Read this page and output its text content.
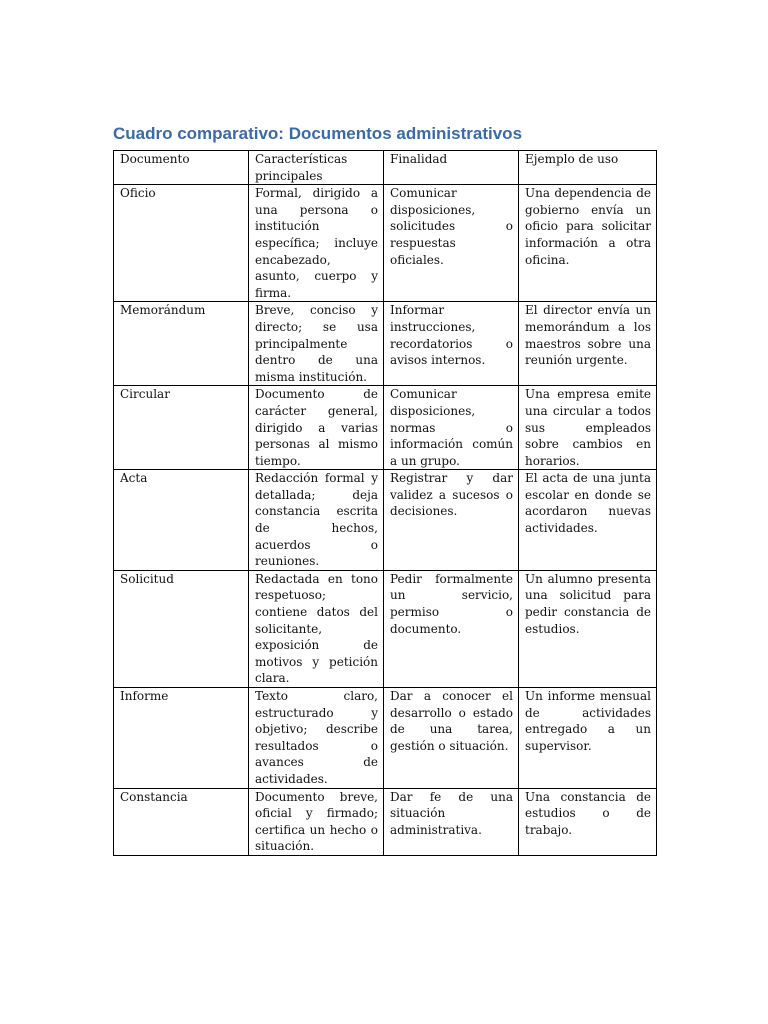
Cuadro comparativo: Documentos administrativos
Documento	Características principales	Finalidad	Ejemplo de uso
Oficio	Formal, dirigido a una persona o institución específica; incluye encabezado, asunto, cuerpo y firma.	Comunicar disposiciones, solicitudes o respuestas oficiales.	Una dependencia de gobierno envía un oficio para solicitar información a otra oficina.
Memorándum	Breve, conciso y directo; se usa principalmente dentro de una misma institución.	Informar instrucciones, recordatorios o avisos internos.	El director envía un memorándum a los maestros sobre una reunión urgente.
Circular	Documento de carácter general, dirigido a varias personas al mismo tiempo.	Comunicar disposiciones, normas o información común a un grupo.	Una empresa emite una circular a todos sus empleados sobre cambios en horarios.
Acta	Redacción formal y detallada; deja constancia escrita de hechos, acuerdos o reuniones.	Registrar y dar validez a sucesos o decisiones.	El acta de una junta escolar en donde se acordaron nuevas actividades.
Solicitud	Redactada en tono respetuoso; contiene datos del solicitante, exposición de motivos y petición clara.	Pedir formalmente un servicio, permiso o documento.	Un alumno presenta una solicitud para pedir constancia de estudios.
Informe	Texto claro, estructurado y objetivo; describe resultados o avances de actividades.	Dar a conocer el desarrollo o estado de una tarea, gestión o situación.	Un informe mensual de actividades entregado a un supervisor.
Constancia	Documento breve, oficial y firmado; certifica un hecho o situación.	Dar fe de una situación administrativa.	Una constancia de estudios o de trabajo.
